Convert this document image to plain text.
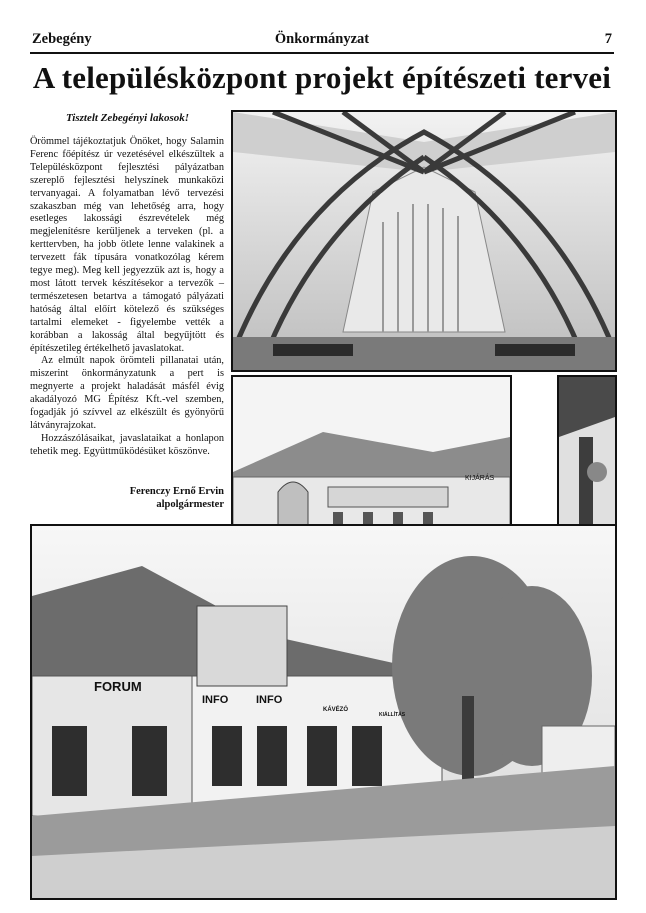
Zebegény	Önkormányzat	7
A településközpont projekt építészeti tervei
Tisztelt Zebegényi lakosok!

Örömmel tájékoztatjuk Önöket, hogy Salamin Ferenc főépítész úr vezetésével elkészültek a Településközpont fejlesztési pályázatban szereplő fejlesztési helyszínek munkaközi tervanyagai. A folyamatban lévő tervezési szakaszban még van lehetőség arra, hogy esetleges lakossági észrevételek még megjelenítésre kerüljenek a terveken (pl. a kerttervben, ha jobb ötlete lenne valakinek a tervezett fák típusára vonatkozólag kérem tegye meg). Meg kell jegyezzük azt is, hogy a most látott tervek készítésekor a tervezők – természetesen betartva a támogató pályázati hatóság által előírt kötelező és szükséges tartalmi elemeket - figyelembe vették a korábban a lakosság által begyűjtött és építészetileg értékelhető javaslatokat.

Az elmúlt napok örömteli pillanatai után, miszerint önkormányzatunk a pert is megnyerte a projekt haladását másfél évig akadályozó MG Építész Kft.-vel szemben, fogadják jó szívvel az elkészült és gyönyörű látványrajzokat.

Hozzászólásaikat, javaslataikat a honlapon tehetik meg. Együttműködésüket köszönve.

Ferenczy Ernő Ervin
alpolgármester
KIJÁRÁS
FORUM
INFO	INFO
KÁVÉZÓ
KIÁLLÍTÁS
